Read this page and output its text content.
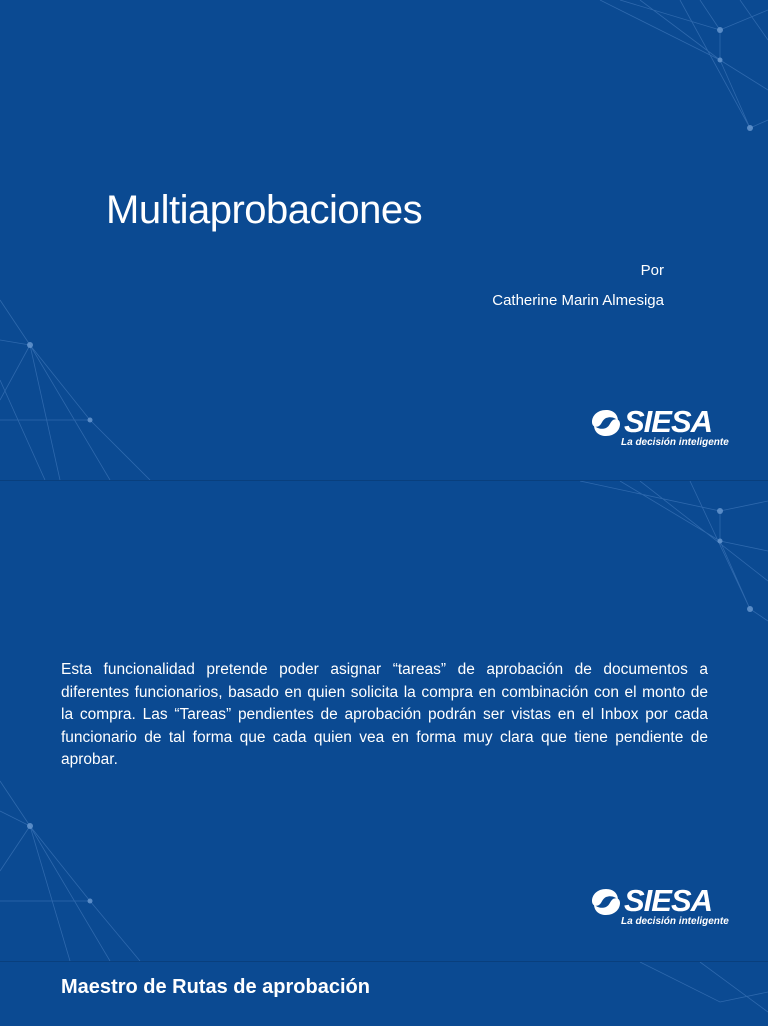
Multiaprobaciones
Por
Catherine Marin Almesiga
SIESA
La decisión inteligente
Esta funcionalidad pretende poder asignar “tareas” de aprobación de documentos a diferentes funcionarios, basado en quien solicita la compra en combinación con el monto de la compra. Las “Tareas” pendientes de aprobación podrán ser vistas en el Inbox por cada funcionario de tal forma que cada quien vea en forma muy clara que tiene pendiente de aprobar.
SIESA
La decisión inteligente
Maestro de Rutas de aprobación
